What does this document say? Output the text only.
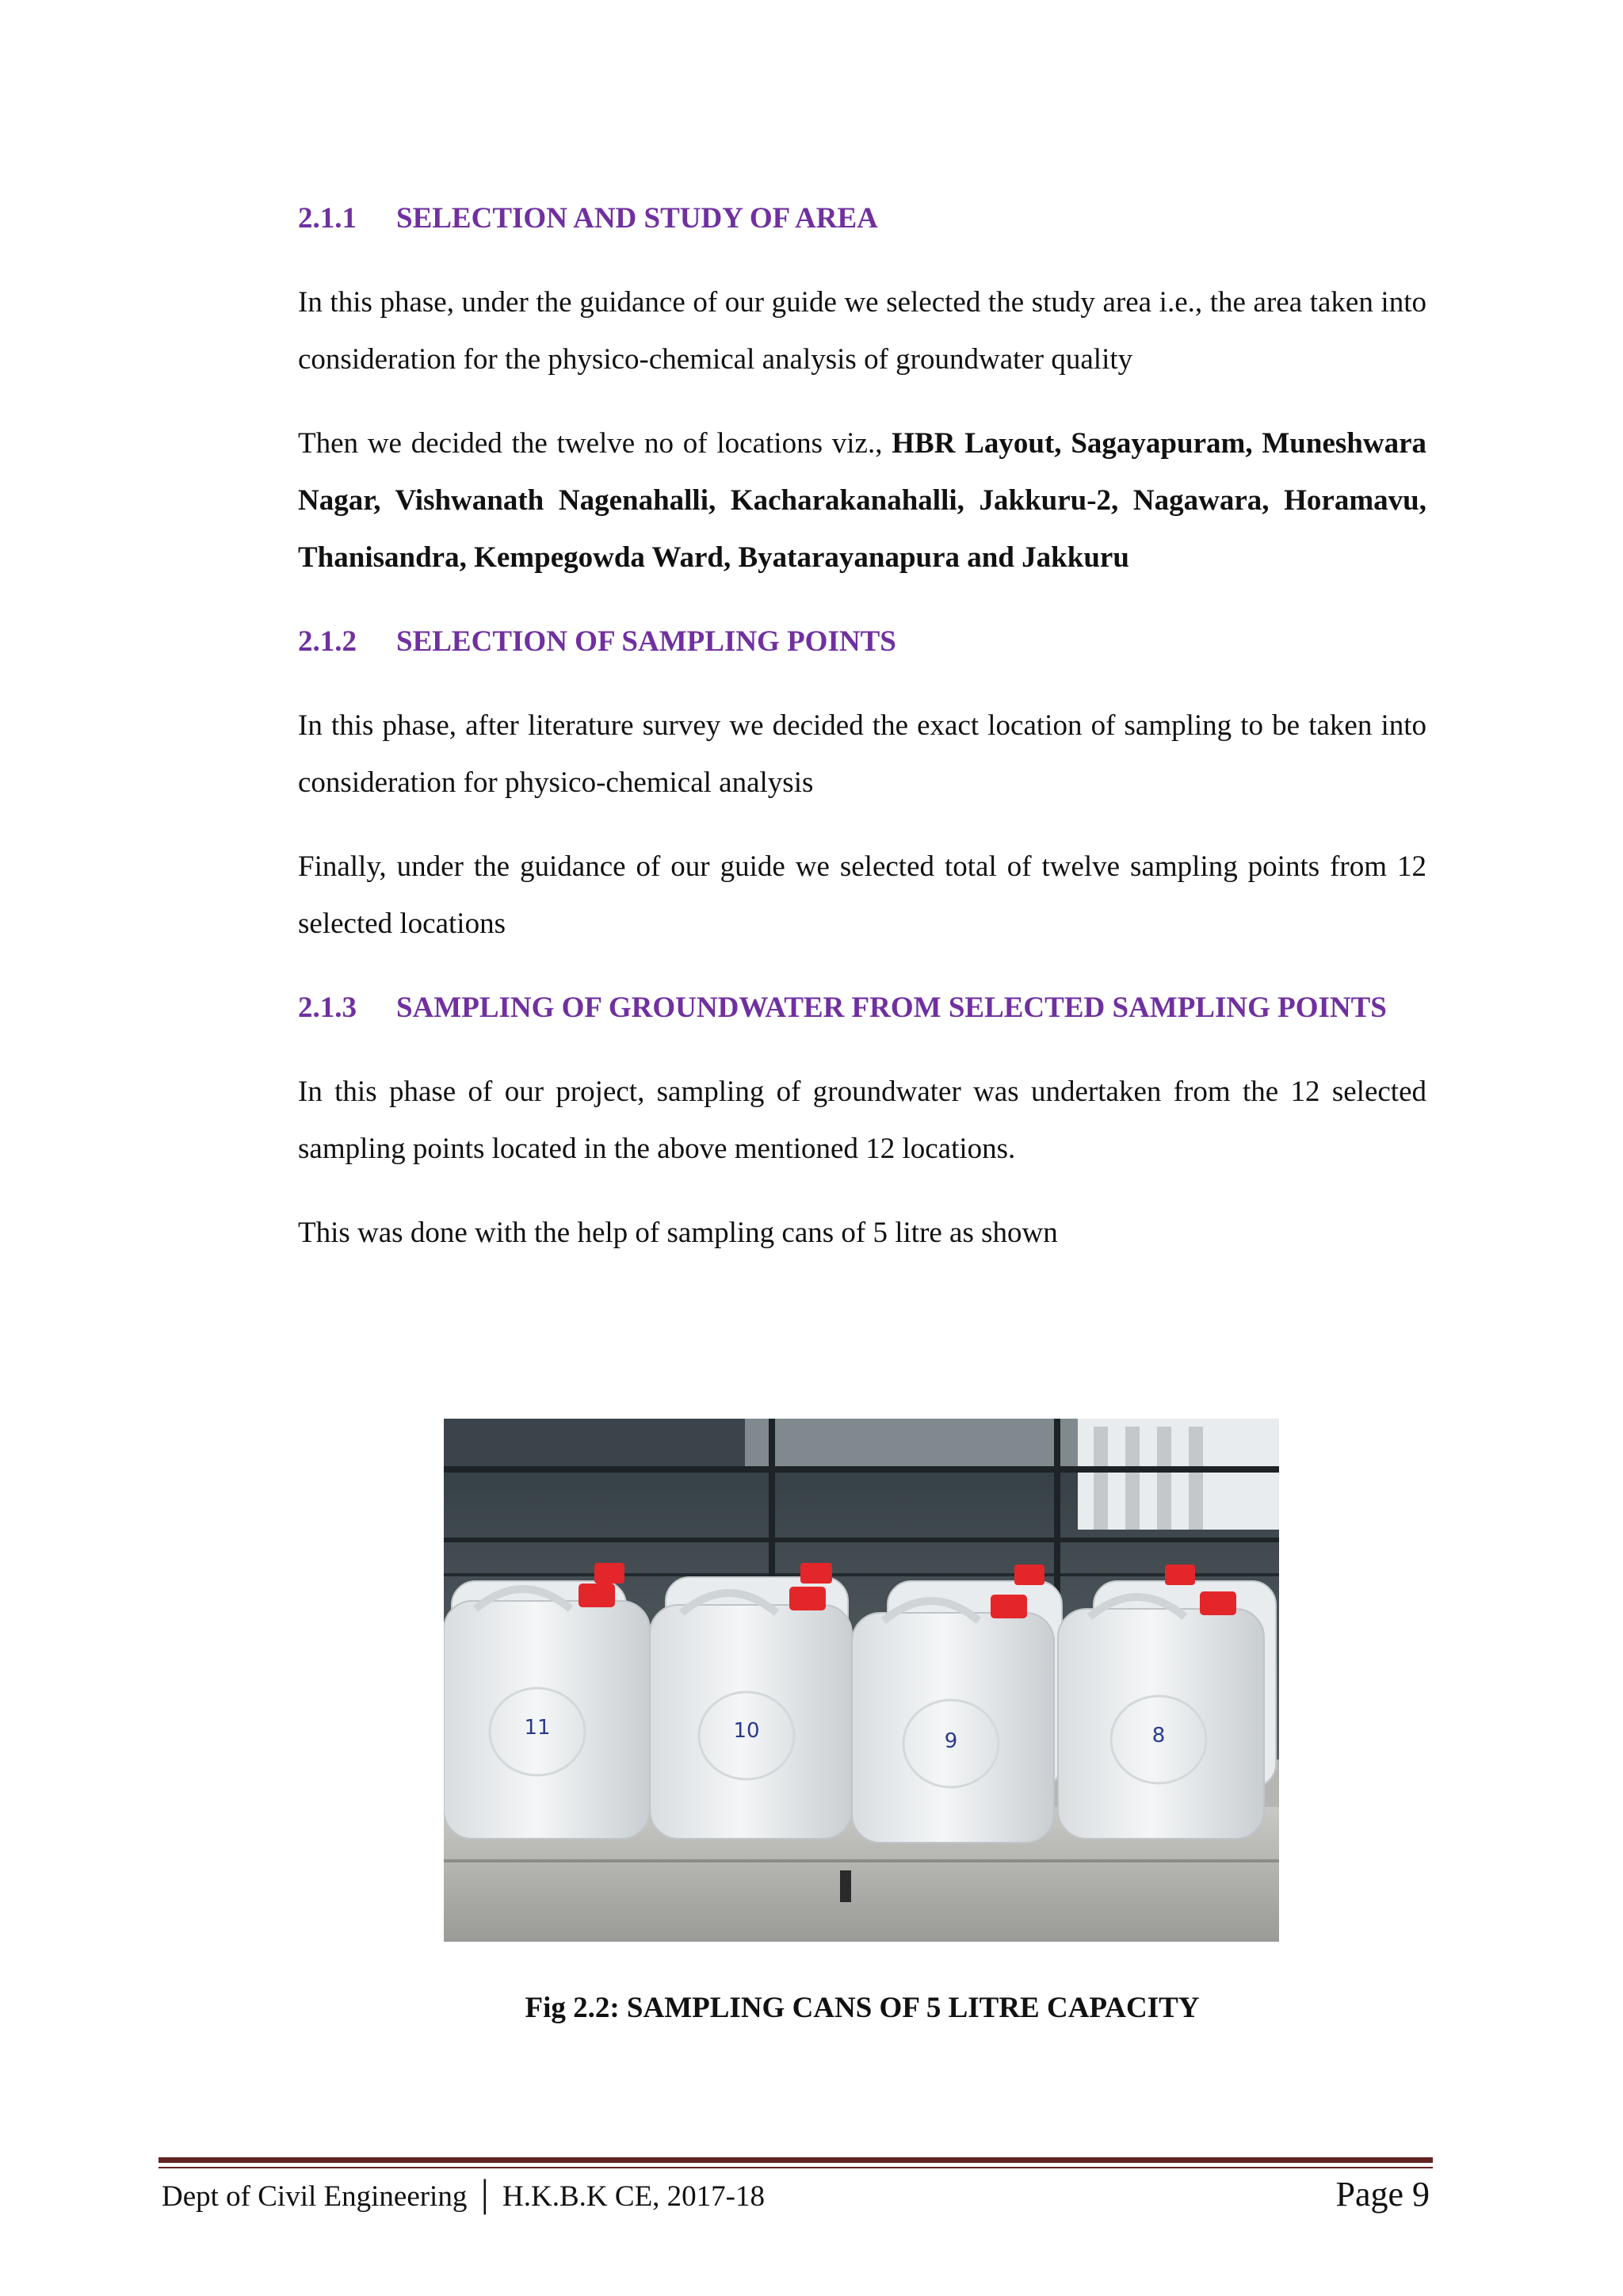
2.1.1	SELECTION AND STUDY OF AREA

In this phase, under the guidance of our guide we selected the study area i.e., the area taken into consideration for the physico-chemical analysis of groundwater quality

Then we decided the twelve no of locations viz., HBR Layout, Sagayapuram, Muneshwara Nagar, Vishwanath Nagenahalli, Kacharakanahalli, Jakkuru-2, Nagawara, Horamavu, Thanisandra, Kempegowda Ward, Byatarayanapura and Jakkuru

2.1.2	SELECTION OF SAMPLING POINTS

In this phase, after literature survey we decided the exact location of sampling to be taken into consideration for physico-chemical analysis

Finally, under the guidance of our guide we selected total of twelve sampling points from 12 selected locations

2.1.3	SAMPLING OF GROUNDWATER FROM SELECTED SAMPLING POINTS

In this phase of our project, sampling of groundwater was undertaken from the 12 selected sampling points located in the above mentioned 12 locations.

This was done with the help of sampling cans of 5 litre as shown

11	10	9	8
Fig 2.2: SAMPLING CANS OF 5 LITRE CAPACITY
Dept of Civil Engineering │ H.K.B.K CE, 2017-18	Page 9
